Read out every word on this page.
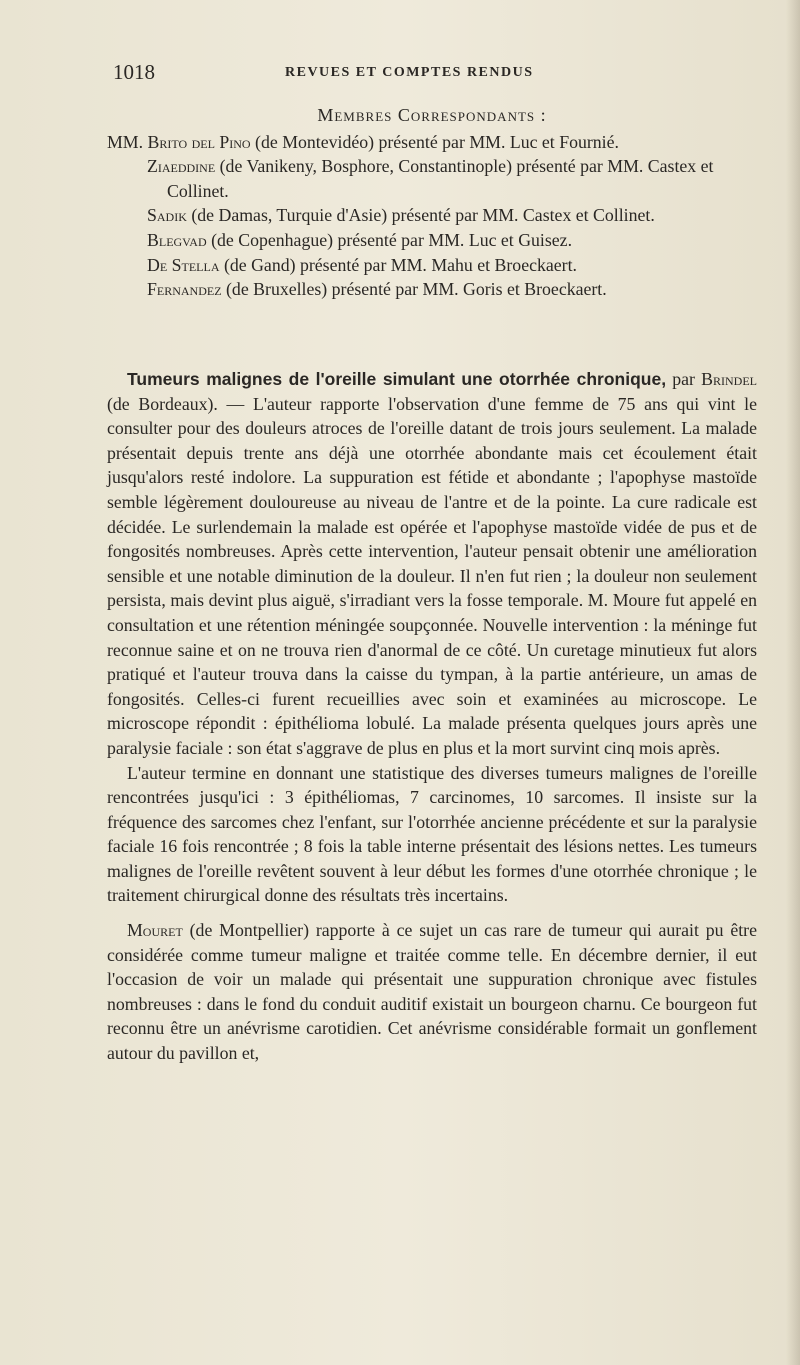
1018	REVUES ET COMPTES RENDUS
Membres Correspondants :
MM. Brito del Pino (de Montevidéo) présenté par MM. Luc et Fournié.
Ziaeddine (de Vanikeny, Bosphore, Constantinople) présenté par MM. Castex et Collinet.
Sadik (de Damas, Turquie d'Asie) présenté par MM. Castex et Collinet.
Blegvad (de Copenhague) présenté par MM. Luc et Guisez.
De Stella (de Gand) présenté par MM. Mahu et Broeckaert.
Fernandez (de Bruxelles) présenté par MM. Goris et Broeckaert.

Tumeurs malignes de l'oreille simulant une otorrhée chronique, par Brindel (de Bordeaux). — L'auteur rapporte l'observation d'une femme de 75 ans qui vint le consulter pour des douleurs atroces de l'oreille datant de trois jours seulement. La malade présentait depuis trente ans déjà une otorrhée abondante mais cet écoulement était jusqu'alors resté indolore. La suppuration est fétide et abondante ; l'apophyse mastoïde semble légèrement douloureuse au niveau de l'antre et de la pointe. La cure radicale est décidée. Le surlendemain la malade est opérée et l'apophyse mastoïde vidée de pus et de fongosités nombreuses. Après cette intervention, l'auteur pensait obtenir une amélioration sensible et une notable diminution de la douleur. Il n'en fut rien ; la douleur non seulement persista, mais devint plus aiguë, s'irradiant vers la fosse temporale. M. Moure fut appelé en consultation et une rétention méningée soupçonnée. Nouvelle intervention : la méninge fut reconnue saine et on ne trouva rien d'anormal de ce côté. Un curetage minutieux fut alors pratiqué et l'auteur trouva dans la caisse du tympan, à la partie antérieure, un amas de fongosités. Celles-ci furent recueillies avec soin et examinées au microscope. Le microscope répondit : épithélioma lobulé. La malade présenta quelques jours après une paralysie faciale : son état s'aggrave de plus en plus et la mort survint cinq mois après.

L'auteur termine en donnant une statistique des diverses tumeurs malignes de l'oreille rencontrées jusqu'ici : 3 épithéliomas, 7 carcinomes, 10 sarcomes. Il insiste sur la fréquence des sarcomes chez l'enfant, sur l'otorrhée ancienne précédente et sur la paralysie faciale 16 fois rencontrée ; 8 fois la table interne présentait des lésions nettes. Les tumeurs malignes de l'oreille revêtent souvent à leur début les formes d'une otorrhée chronique ; le traitement chirurgical donne des résultats très incertains.

Mouret (de Montpellier) rapporte à ce sujet un cas rare de tumeur qui aurait pu être considérée comme tumeur maligne et traitée comme telle. En décembre dernier, il eut l'occasion de voir un malade qui présentait une suppuration chronique avec fistules nombreuses : dans le fond du conduit auditif existait un bourgeon charnu. Ce bourgeon fut reconnu être un anévrisme carotidien. Cet anévrisme considérable formait un gonflement autour du pavillon et,
